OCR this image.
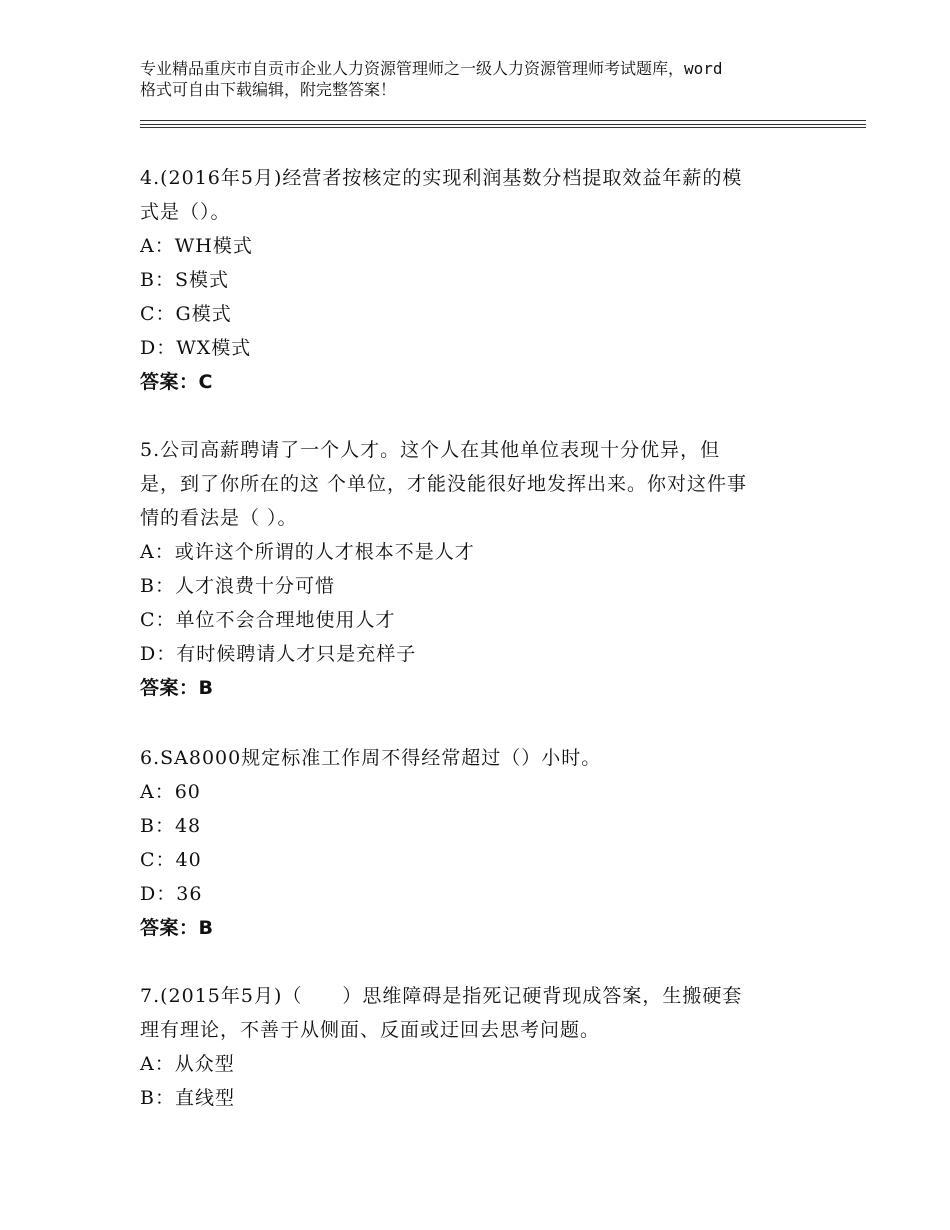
专业精品重庆市自贡市企业人力资源管理师之一级人力资源管理师考试题库，word
格式可自由下载编辑，附完整答案！
4.(2016年5月)经营者按核定的实现利润基数分档提取效益年薪的模
式是（）。
A：WH模式
B：S模式
C：G模式
D：WX模式
答案：C
5.公司高薪聘请了一个人才。这个人在其他单位表现十分优异，但
是，到了你所在的这 个单位，才能没能很好地发挥出来。你对这件事
情的看法是（ ）。
A：或许这个所谓的人才根本不是人才
B：人才浪费十分可惜
C：单位不会合理地使用人才
D：有时候聘请人才只是充样子
答案：B
6.SA8000规定标准工作周不得经常超过（）小时。
A：60
B：48
C：40
D：36
答案：B
7.(2015年5月)（　　）思维障碍是指死记硬背现成答案，生搬硬套
理有理论，不善于从侧面、反面或迂回去思考问题。
A：从众型
B：直线型
